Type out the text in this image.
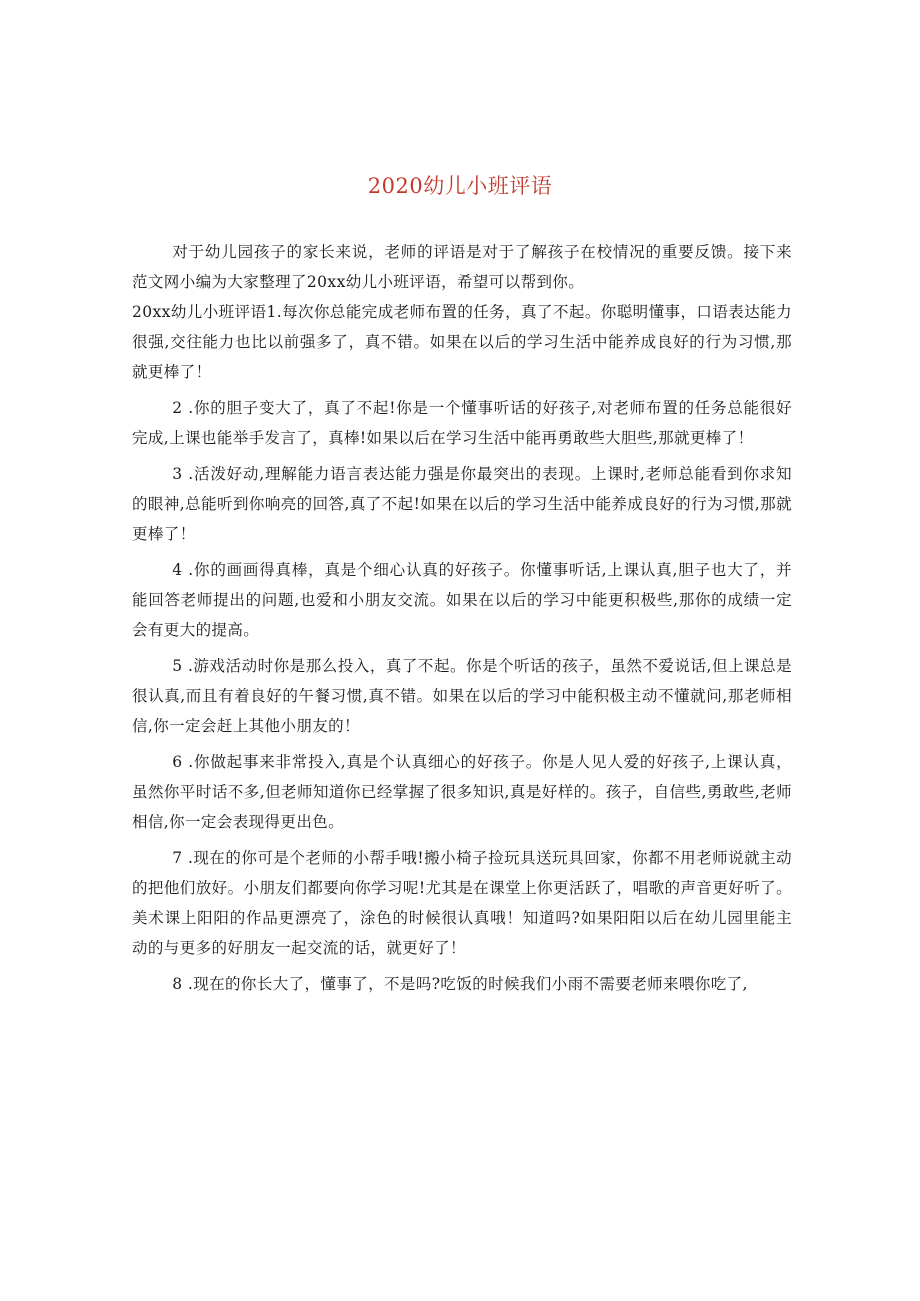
2020幼儿小班评语

对于幼儿园孩子的家长来说，老师的评语是对于了解孩子在校情况的重要反馈。接下来范文网小编为大家整理了20xx幼儿小班评语，希望可以帮到你。

20xx幼儿小班评语1.每次你总能完成老师布置的任务，真了不起。你聪明懂事，口语表达能力很强,交往能力也比以前强多了，真不错。如果在以后的学习生活中能养成良好的行为习惯,那就更棒了！

2 .你的胆子变大了，真了不起!你是一个懂事听话的好孩子,对老师布置的任务总能很好完成,上课也能举手发言了，真棒!如果以后在学习生活中能再勇敢些大胆些,那就更棒了！

3 .活泼好动,理解能力语言表达能力强是你最突出的表现。上课时,老师总能看到你求知的眼神,总能听到你响亮的回答,真了不起!如果在以后的学习生活中能养成良好的行为习惯,那就更棒了！

4 .你的画画得真棒，真是个细心认真的好孩子。你懂事听话,上课认真,胆子也大了，并能回答老师提出的问题,也爱和小朋友交流。如果在以后的学习中能更积极些,那你的成绩一定会有更大的提高。

5 .游戏活动时你是那么投入，真了不起。你是个听话的孩子，虽然不爱说话,但上课总是很认真,而且有着良好的午餐习惯,真不错。如果在以后的学习中能积极主动不懂就问,那老师相信,你一定会赶上其他小朋友的！

6 .你做起事来非常投入,真是个认真细心的好孩子。你是人见人爱的好孩子,上课认真，虽然你平时话不多,但老师知道你已经掌握了很多知识,真是好样的。孩子，自信些,勇敢些,老师相信,你一定会表现得更出色。

7 .现在的你可是个老师的小帮手哦!搬小椅子捡玩具送玩具回家，你都不用老师说就主动的把他们放好。小朋友们都要向你学习呢!尤其是在课堂上你更活跃了，唱歌的声音更好听了。美术课上阳阳的作品更漂亮了，涂色的时候很认真哦！知道吗?如果阳阳以后在幼儿园里能主动的与更多的好朋友一起交流的话，就更好了！

8 .现在的你长大了，懂事了，不是吗?吃饭的时候我们小雨不需要老师来喂你吃了,
